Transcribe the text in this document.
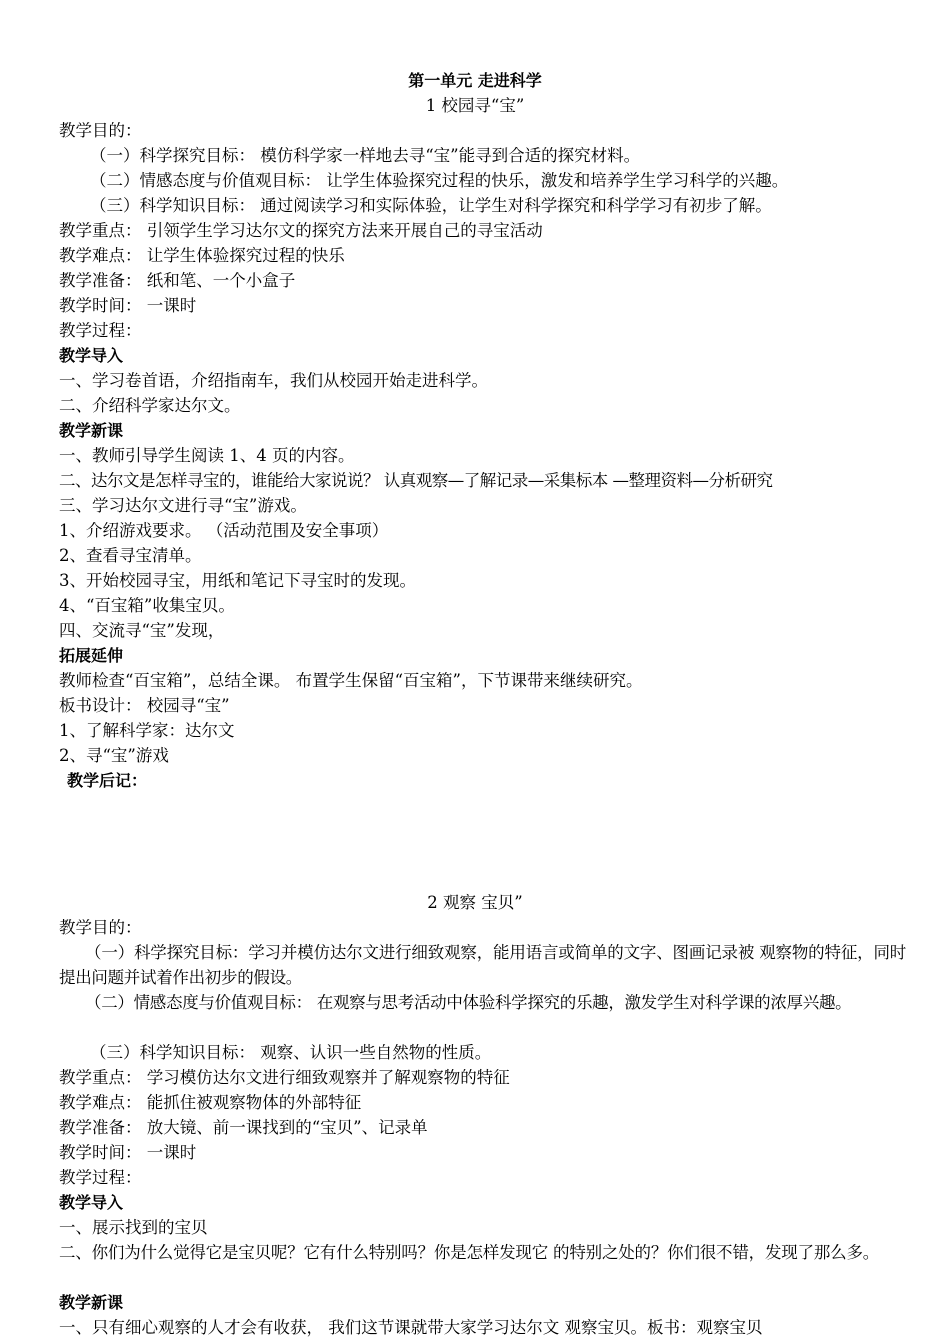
第一单元 走进科学
1 校园寻“宝”
教学目的：
（一）科学探究目标： 模仿科学家一样地去寻“宝”能寻到合适的探究材料。
（二）情感态度与价值观目标： 让学生体验探究过程的快乐，激发和培养学生学习科学的兴趣。
（三）科学知识目标： 通过阅读学习和实际体验，让学生对科学探究和科学学习有初步了解。
教学重点： 引领学生学习达尔文的探究方法来开展自己的寻宝活动
教学难点： 让学生体验探究过程的快乐
教学准备： 纸和笔、一个小盒子
教学时间： 一课时
教学过程：
教学导入
一、学习卷首语，介绍指南车，我们从校园开始走进科学。
二、介绍科学家达尔文。
教学新课
一、教师引导学生阅读 1、4 页的内容。
二、达尔文是怎样寻宝的，谁能给大家说说？ 认真观察—了解记录—采集标本 —整理资料—分析研究
三、学习达尔文进行寻“宝”游戏。
1、介绍游戏要求。 （活动范围及安全事项）
2、查看寻宝清单。
3、开始校园寻宝，用纸和笔记下寻宝时的发现。
4、“百宝箱”收集宝贝。
四、交流寻“宝”发现，
拓展延伸
教师检查“百宝箱”，总结全课。 布置学生保留“百宝箱”，下节课带来继续研究。
板书设计： 校园寻“宝”
1、了解科学家：达尔文
2、寻“宝”游戏
教学后记：
2 观察 宝贝”
教学目的：
（一）科学探究目标：学习并模仿达尔文进行细致观察，能用语言或简单的文字、图画记录被 观察物的特征，同时提出问题并试着作出初步的假设。
（二）情感态度与价值观目标： 在观察与思考活动中体验科学探究的乐趣，激发学生对科学课的浓厚兴趣。
（三）科学知识目标： 观察、认识一些自然物的性质。
教学重点： 学习模仿达尔文进行细致观察并了解观察物的特征
教学难点： 能抓住被观察物体的外部特征
教学准备： 放大镜、前一课找到的“宝贝”、记录单
教学时间： 一课时
教学过程：
教学导入
一、展示找到的宝贝
二、你们为什么觉得它是宝贝呢？它有什么特别吗？你是怎样发现它 的特别之处的？你们很不错，发现了那么多。
教学新课
一、只有细心观察的人才会有收获， 我们这节课就带大家学习达尔文 观察宝贝。板书：观察宝贝
